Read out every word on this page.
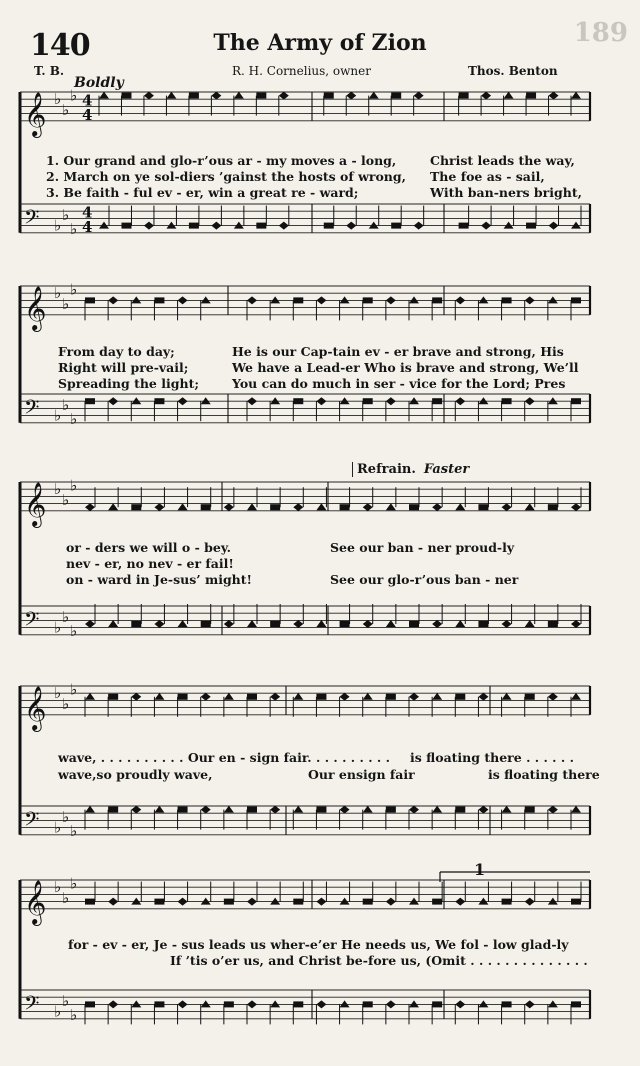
140	The Army of Zion	189
T. B.	R. H. Cornelius, owner	Thos. Benton
Boldly
Refrain. Faster
1
𝄞 ♭
♭
♭ 4
4
𝄢 ♭
♭
♭
4
4
𝄞 ♭
♭
♭
𝄢 ♭
♭
♭
𝄞 ♭
♭
♭
𝄢 ♭
♭
♭
𝄞 ♭
♭
♭
𝄢 ♭
♭
♭
𝄞 ♭
♭
♭
𝄢 ♭
♭
♭
1. Our grand and glo-r’ous ar - my moves a - long,	Christ leads the way,
2. March on ye sol-diers ’gainst the hosts of wrong, The foe as - sail,
3. Be faith - ful ev - er, win a great re - ward;	With ban-ners bright,
From day to day;	He is our Cap-tain ev - er brave and strong, His
Right will pre-vail;	We have a Lead-er Who is brave and strong, We’ll
Spreading the light;	You can do much in ser - vice for the Lord; Pres
or - ders we will o - bey.	See our ban - ner proud-ly
nev - er, no nev - er fail!
on - ward in Je-sus’ might!	See our glo-r’ous ban - ner
wave, . . . . . . . . . . Our en - sign fair. . . . . . . . . . is floating there . . . . . .
wave,so proudly wave,	Our ensign fair	is floating there
for - ev - er, Je - sus leads us wher-e’er He needs us, We fol - low glad-ly
If ’tis o’er us, and Christ be-fore us, (Omit . . . . . . . . . . . . . .
